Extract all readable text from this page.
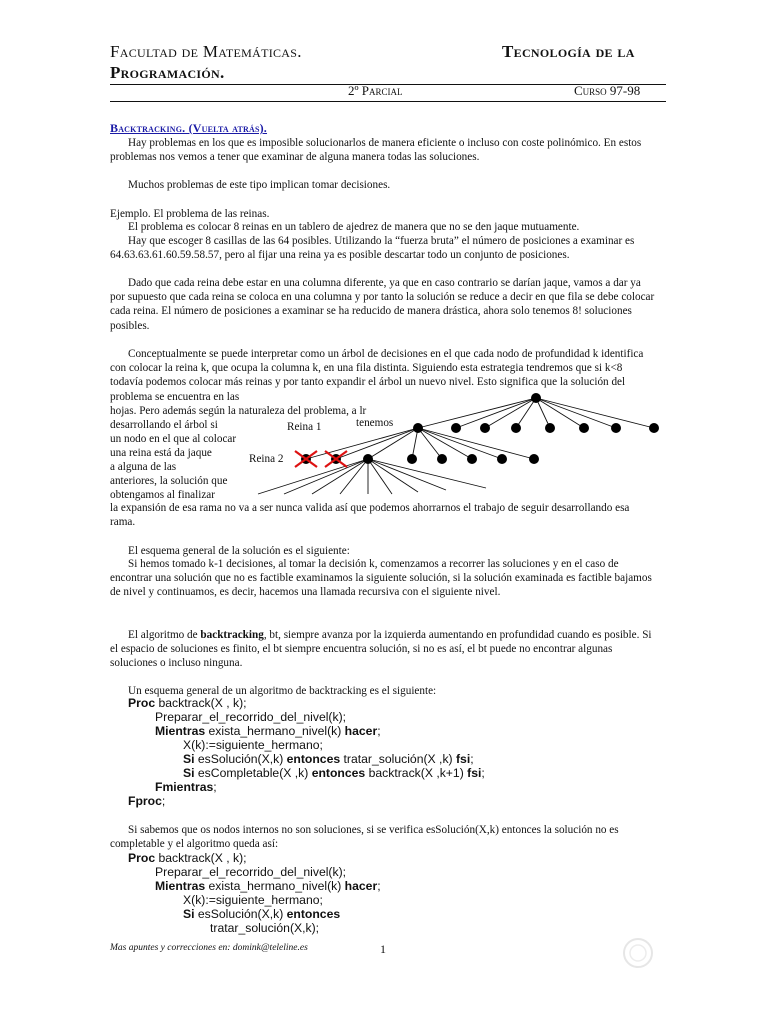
Facultad de Matemáticas.	Tecnología de la
Programación.
2º Parcial	Curso 97-98
Backtracking. (Vuelta atrás).
Hay problemas en los que es imposible solucionarlos de manera eficiente o incluso con coste polinómico. En estos problemas nos vemos a tener que examinar de alguna manera todas las soluciones.
Muchos problemas de este tipo implican tomar decisiones.
Ejemplo. El problema de las reinas.
El problema es colocar 8 reinas en un tablero de ajedrez de manera que no se den jaque mutuamente.
Hay que escoger 8 casillas de las 64 posibles. Utilizando la “fuerza bruta” el número de posiciones a examinar es 64.63.63.61.60.59.58.57, pero al fijar una reina ya es posible descartar todo un conjunto de posiciones.
Dado que cada reina debe estar en una columna diferente, ya que en caso contrario se darían jaque, vamos a dar ya por supuesto que cada reina se coloca en una columna y por tanto la solución se reduce a decir en que fila se debe colocar cada reina. El número de posiciones a examinar se ha reducido de manera drástica, ahora solo tenemos 8! soluciones posibles.
Conceptualmente se puede interpretar como un árbol de decisiones en el que cada nodo de profundidad k identifica con colocar la reina k, que ocupa la columna k, en una fila distinta. Siguiendo esta estrategia tendremos que si k<8 todavía podemos colocar más reinas y por tanto expandir el árbol un nuevo nivel. Esto significa que la solución del problema se encuentra en las
hojas. Pero además según la naturaleza del problema, a lr
desarrollando el árbol si	tenemos
un nodo en el que al colocar
una reina está da jaque
a alguna de las
anteriores, la solución que
obtengamos al finalizar
la expansión de esa rama no va a ser nunca valida así que podemos ahorrarnos el trabajo de seguir desarrollando esa rama.
Reina 1
Reina 2
El esquema general de la solución es el siguiente:
Si hemos tomado k-1 decisiones, al tomar la decisión k, comenzamos a recorrer las soluciones y en el caso de encontrar una solución que no es factible examinamos la siguiente solución, si la solución examinada es factible bajamos de nivel y continuamos, es decir, hacemos una llamada recursiva con el siguiente nivel.
El algoritmo de backtracking, bt, siempre avanza por la izquierda aumentando en profundidad cuando es posible. Si el espacio de soluciones es finito, el bt siempre encuentra solución, si no es así, el bt puede no encontrar algunas soluciones o incluso ninguna.
Un esquema general de un algoritmo de backtracking es el siguiente:
Proc backtrack(X , k);
Preparar_el_recorrido_del_nivel(k);
Mientras exista_hermano_nivel(k) hacer;
X(k):=siguiente_hermano;
Si esSolución(X,k) entonces tratar_solución(X ,k) fsi;
Si esCompletable(X ,k) entonces backtrack(X ,k+1) fsi;
Fmientras;
Fproc;
Si sabemos que os nodos internos no son soluciones, si se verifica esSolución(X,k) entonces la solución no es completable y el algoritmo queda así:
Proc backtrack(X , k);
Preparar_el_recorrido_del_nivel(k);
Mientras exista_hermano_nivel(k) hacer;
X(k):=siguiente_hermano;
Si esSolución(X,k) entonces
tratar_solución(X,k);
Mas apuntes y correcciones en: domink@teleline.es	1
